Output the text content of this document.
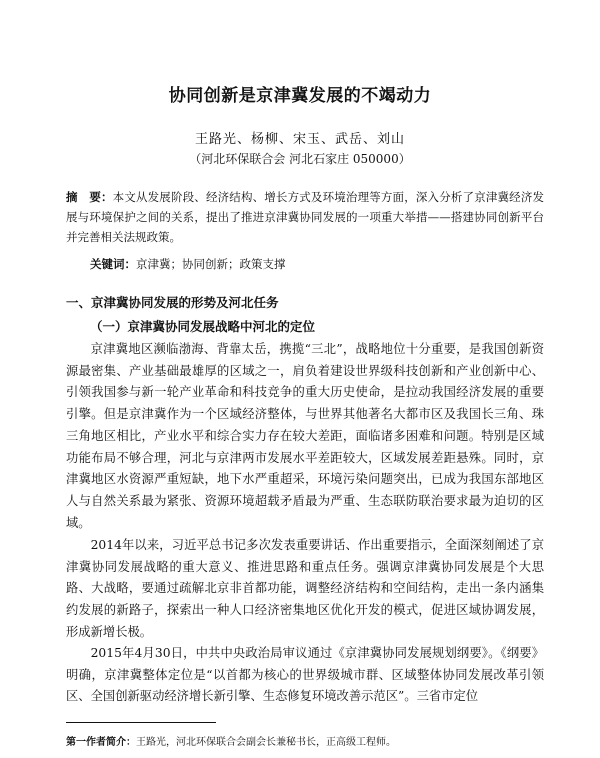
协同创新是京津冀发展的不竭动力
王路光、杨柳、宋玉、武岳、刘山
（河北环保联合会 河北石家庄 050000）
摘　要：本文从发展阶段、经济结构、增长方式及环境治理等方面，深入分析了京津冀经济发展与环境保护之间的关系，提出了推进京津冀协同发展的一项重大举措——搭建协同创新平台并完善相关法规政策。
关键词：京津冀；协同创新；政策支撑
一、京津冀协同发展的形势及河北任务
（一）京津冀协同发展战略中河北的定位

京津冀地区濒临渤海、背靠太岳，携揽“三北”，战略地位十分重要，是我国创新资源最密集、产业基础最雄厚的区域之一，肩负着建设世界级科技创新和产业创新中心、引领我国参与新一轮产业革命和科技竞争的重大历史使命，是拉动我国经济发展的重要引擎。但是京津冀作为一个区域经济整体，与世界其他著名大都市区及我国长三角、珠三角地区相比，产业水平和综合实力存在较大差距，面临诸多困难和问题。特别是区域功能布局不够合理，河北与京津两市发展水平差距较大，区域发展差距悬殊。同时，京津冀地区水资源严重短缺，地下水严重超采，环境污染问题突出，已成为我国东部地区人与自然关系最为紧张、资源环境超载矛盾最为严重、生态联防联治要求最为迫切的区域。

2014年以来，习近平总书记多次发表重要讲话、作出重要指示，全面深刻阐述了京津冀协同发展战略的重大意义、推进思路和重点任务。强调京津冀协同发展是个大思路、大战略，要通过疏解北京非首都功能，调整经济结构和空间结构，走出一条内涵集约发展的新路子，探索出一种人口经济密集地区优化开发的模式，促进区域协调发展，形成新增长极。

2015年4月30日，中共中央政治局审议通过《京津冀协同发展规划纲要》。《纲要》明确，京津冀整体定位是“以首都为核心的世界级城市群、区域整体协同发展改革引领区、全国创新驱动经济增长新引擎、生态修复环境改善示范区”。三省市定位

第一作者简介：王路光，河北环保联合会副会长兼秘书长，正高级工程师。
